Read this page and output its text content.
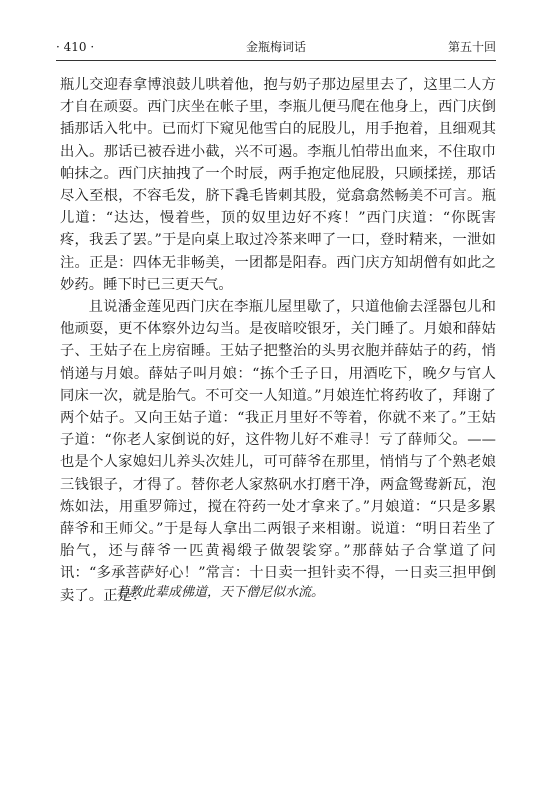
· 410 ·	金瓶梅词话	第五十回

瓶儿交迎春拿博浪鼓儿哄着他，抱与奶子那边屋里去了，这里二人方才自在顽耍。西门庆坐在帐子里，李瓶儿便马爬在他身上，西门庆倒插那话入牝中。已而灯下窥见他雪白的屁股儿，用手抱着，且细观其出入。那话已被吞进小截，兴不可遏。李瓶儿怕带出血来，不住取巾帕抹之。西门庆抽拽了一个时辰，两手抱定他屁股，只顾揉搓，那话尽入至根，不容毛发，脐下毳毛皆刺其股，觉翕翕然畅美不可言。瓶儿道：“达达，慢着些，顶的奴里边好不疼！”西门庆道：“你既害疼，我丢了罢。”于是向桌上取过冷茶来呷了一口，登时精来，一泄如注。正是：四体无非畅美，一团都是阳春。西门庆方知胡僧有如此之妙药。睡下时已三更天气。

且说潘金莲见西门庆在李瓶儿屋里歇了，只道他偷去淫器包儿和他顽耍，更不体察外边勾当。是夜暗咬银牙，关门睡了。月娘和薛姑子、王姑子在上房宿睡。王姑子把整治的头男衣胞并薛姑子的药，悄悄递与月娘。薛姑子叫月娘：“拣个壬子日，用酒吃下，晚夕与官人同床一次，就是胎气。不可交一人知道。”月娘连忙将药收了，拜谢了两个姑子。又向王姑子道：“我正月里好不等着，你就不来了。”王姑子道：“你老人家倒说的好，这件物儿好不难寻！亏了薛师父。——也是个人家媳妇儿养头次娃儿，可可薛爷在那里，悄悄与了个熟老娘三钱银子，才得了。替你老人家熬矾水打磨干净，两盒鸳鸯新瓦，泡炼如法，用重罗筛过，搅在符药一处才拿来了。”月娘道：“只是多累薛爷和王师父。”于是每人拿出二两银子来相谢。说道：“明日若坐了胎气，还与薛爷一匹黄褐缎子做袈裟穿。”那薛姑子合掌道了问讯：“多承菩萨好心！”常言：十日卖一担针卖不得，一日卖三担甲倒卖了。正是：

若教此辈成佛道，天下僧尼似水流。
